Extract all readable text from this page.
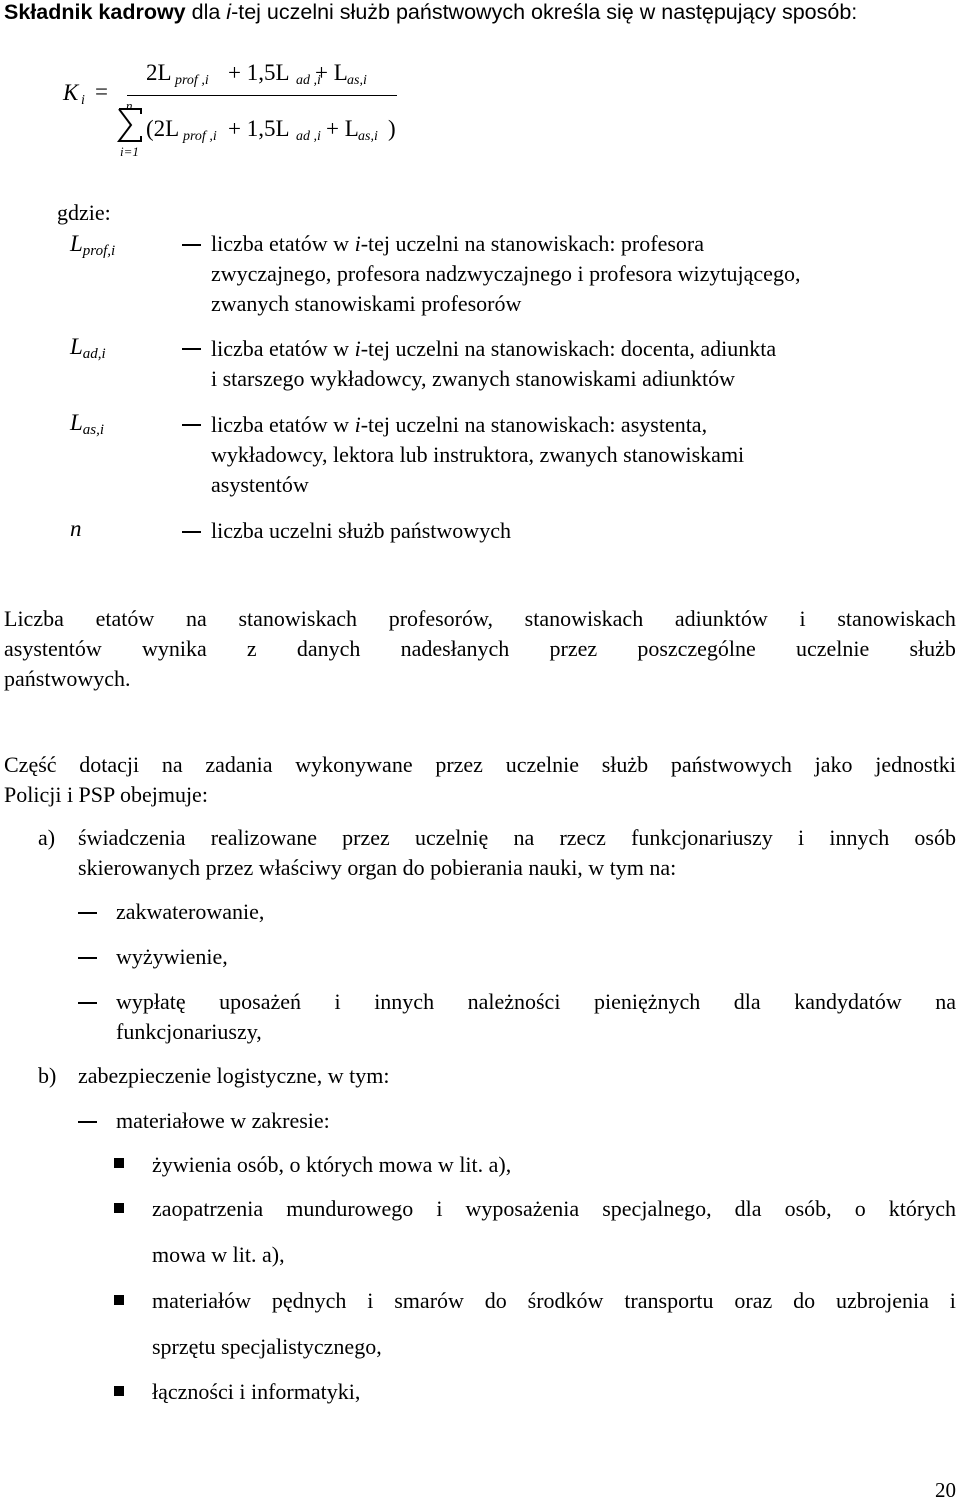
Składnik kadrowy dla i-tej uczelni służb państwowych określa się w następujący sposób:
K i =
2L prof ,i + 1,5L ad ,i
+ L as,i
n
i=1
(2L prof ,i + 1,5L ad ,i + L as,i )
gdzie:
Lprof,i	liczba etatów w i-tej uczelni na stanowiskach: profesora
zwyczajnego, profesora nadzwyczajnego i profesora wizytującego,
zwanych stanowiskami profesorów
Lad,i	liczba etatów w i-tej uczelni na stanowiskach: docenta, adiunkta
i starszego wykładowcy, zwanych stanowiskami adiunktów
Las,i	liczba etatów w i-tej uczelni na stanowiskach: asystenta,
wykładowcy, lektora lub instruktora, zwanych stanowiskami
asystentów
n	liczba uczelni służb państwowych
Liczba etatów na stanowiskach profesorów, stanowiskach adiunktów i stanowiskach
asystentów wynika z danych nadesłanych przez poszczególne uczelnie służb
państwowych.
Część dotacji na zadania wykonywane przez uczelnie służb państwowych jako jednostki
Policji i PSP obejmuje:
a) świadczenia realizowane przez uczelnię na rzecz funkcjonariuszy i innych osób
skierowanych przez właściwy organ do pobierania nauki, w tym na:
zakwaterowanie,
wyżywienie,
wypłatę uposażeń i innych należności pieniężnych dla kandydatów na
funkcjonariuszy,
b) zabezpieczenie logistyczne, w tym:
materiałowe w zakresie:
żywienia osób, o których mowa w lit. a),
zaopatrzenia mundurowego i wyposażenia specjalnego, dla osób, o których
mowa w lit. a),
materiałów pędnych i smarów do środków transportu oraz do uzbrojenia i
sprzętu specjalistycznego,
łączności i informatyki,
20
